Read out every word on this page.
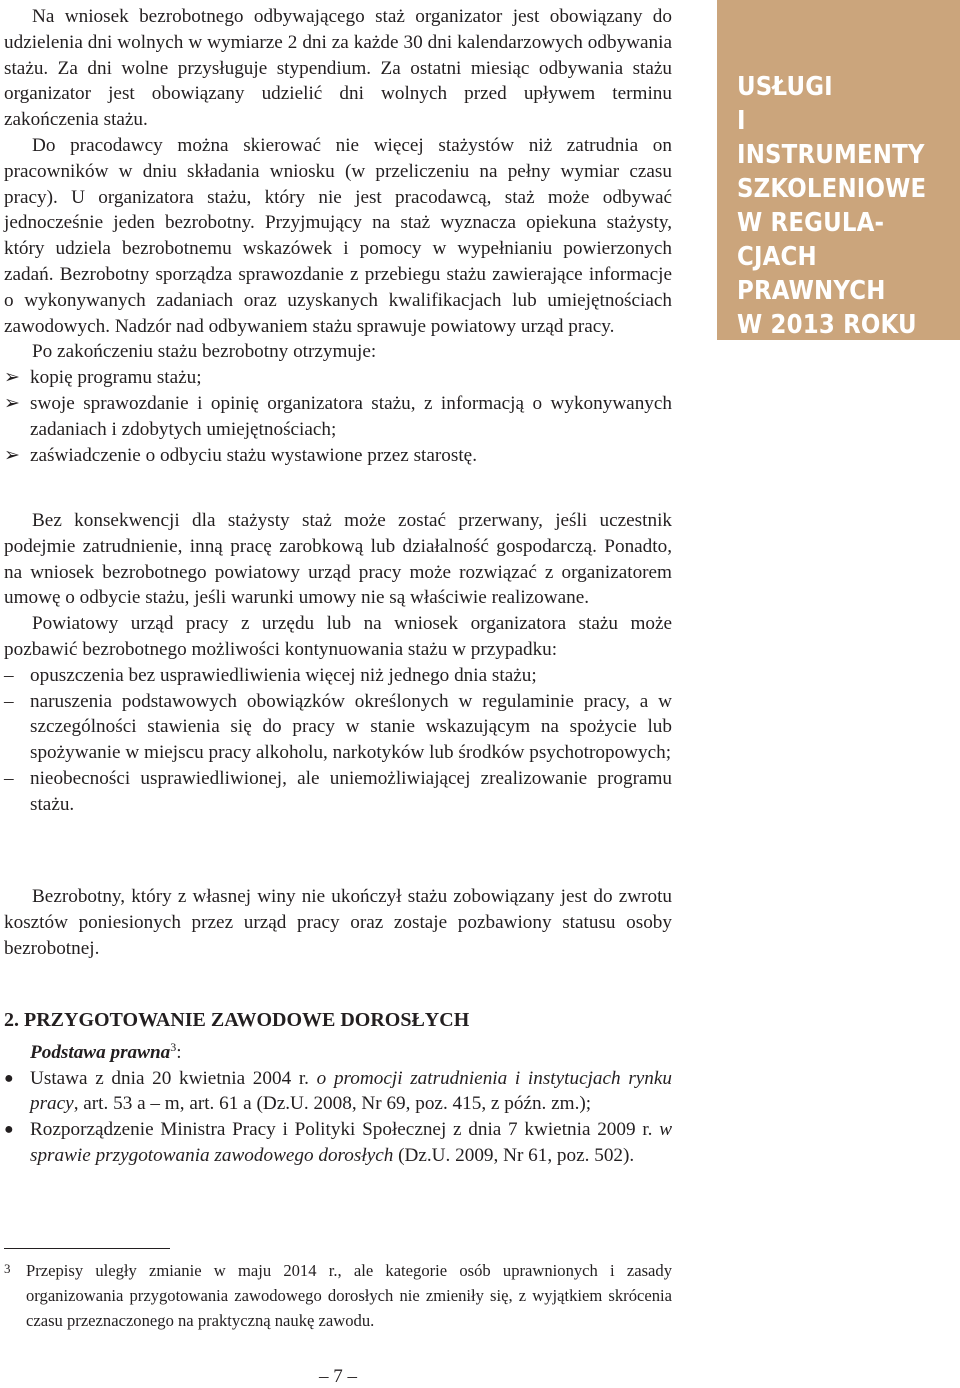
USŁUGI
I INSTRUMENTY
SZKOLENIOWE
W REGULA-
CJACH
PRAWNYCH
W 2013 ROKU

Na wniosek bezrobotnego odbywającego staż organizator jest obowiązany do udzielenia dni wolnych w wymiarze 2 dni za każde 30 dni kalendarzowych odbywania stażu. Za dni wolne przysługuje stypendium. Za ostatni miesiąc odbywania stażu organizator jest obowiązany udzielić dni wolnych przed upływem terminu zakończenia stażu.

Do pracodawcy można skierować nie więcej stażystów niż zatrudnia on pracowników w dniu składania wniosku (w przeliczeniu na pełny wymiar czasu pracy). U organizatora stażu, który nie jest pracodawcą, staż może odbywać jednocześnie jeden bezrobotny. Przyjmujący na staż wyznacza opiekuna stażysty, który udziela bezrobotnemu wskazówek i pomocy w wypełnianiu powierzonych zadań. Bezrobotny sporządza sprawozdanie z przebiegu stażu zawierające informacje o wykonywanych zadaniach oraz uzyskanych kwalifikacjach lub umiejętnościach zawodowych. Nadzór nad odbywaniem stażu sprawuje powiatowy urząd pracy.

Po zakończeniu stażu bezrobotny otrzymuje:

➢ kopię programu stażu;
➢ swoje sprawozdanie i opinię organizatora stażu, z informacją o wykonywanych zadaniach i zdobytych umiejętnościach;
➢ zaświadczenie o odbyciu stażu wystawione przez starostę.

Bez konsekwencji dla stażysty staż może zostać przerwany, jeśli uczestnik podejmie zatrudnienie, inną pracę zarobkową lub działalność gospodarczą. Ponadto, na wniosek bezrobotnego powiatowy urząd pracy może rozwiązać z organizatorem umowę o odbycie stażu, jeśli warunki umowy nie są właściwie realizowane.

Powiatowy urząd pracy z urzędu lub na wniosek organizatora stażu może pozbawić bezrobotnego możliwości kontynuowania stażu w przypadku:

– opuszczenia bez usprawiedliwienia więcej niż jednego dnia stażu;
– naruszenia podstawowych obowiązków określonych w regulaminie pracy, a w szczególności stawienia się do pracy w stanie wskazującym na spożycie lub spożywanie w miejscu pracy alkoholu, narkotyków lub środków psychotropowych;
– nieobecności usprawiedliwionej, ale uniemożliwiającej zrealizowanie programu stażu.

Bezrobotny, który z własnej winy nie ukończył stażu zobowiązany jest do zwrotu kosztów poniesionych przez urząd pracy oraz zostaje pozbawiony statusu osoby bezrobotnej.

2. PRZYGOTOWANIE ZAWODOWE DOROSŁYCH

Podstawa prawna$^3$:

● Ustawa z dnia 20 kwietnia 2004 r. o promocji zatrudnienia i instytucjach rynku pracy, art. 53 a – m, art. 61 a (Dz.U. 2008, Nr 69, poz. 415, z późn. zm.);
● Rozporządzenie Ministra Pracy i Polityki Społecznej z dnia 7 kwietnia 2009 r. w sprawie przygotowania zawodowego dorosłych (Dz.U. 2009, Nr 61, poz. 502).
3 Przepisy uległy zmianie w maju 2014 r., ale kategorie osób uprawnionych i zasady organizowania przygotowania zawodowego dorosłych nie zmieniły się, z wyjątkiem skrócenia czasu przeznaczonego na praktyczną naukę zawodu.
– 7 –
